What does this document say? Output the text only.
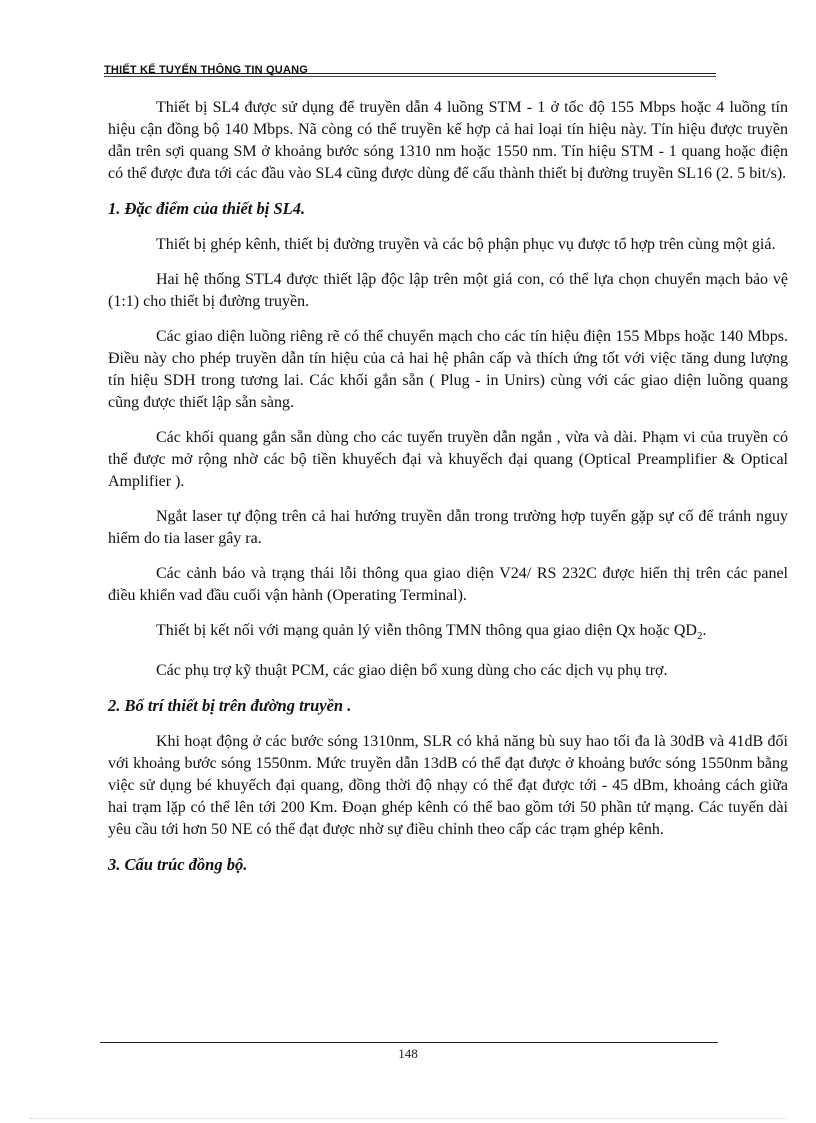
THIẾT KẾ TUYẾN THÔNG TIN QUANG

Thiết bị SL4 được sử dụng để truyền dẫn 4 luồng STM - 1 ở tốc độ 155 Mbps hoặc 4 luồng tín hiệu cận đồng bộ 140 Mbps. Nã còng có thể truyền kế hợp cả hai loại tín hiệu này. Tín hiệu được truyền dẫn trên sợi quang SM ở khoảng bước sóng 1310 nm hoặc 1550 nm. Tín hiệu STM - 1 quang hoặc điện có thể được đưa tới các đầu vào SL4 cũng được dùng để cấu thành thiết bị đường truyền SL16 (2. 5 bit/s).

1. Đặc điểm của thiết bị SL4.

Thiết bị ghép kênh, thiết bị đường truyền và các bộ phận phục vụ được tổ hợp trên cùng một giá.

Hai hệ thống STL4 được thiết lập độc lập trên một giá con, có thể lựa chọn chuyển mạch bảo vệ (1:1) cho thiết bị đường truyền.

Các giao diện luồng riêng rẽ có thể chuyển mạch cho các tín hiệu điện 155 Mbps hoặc 140 Mbps. Điều này cho phép truyền dẫn tín hiệu của cả hai hệ phân cấp và thích ứng tốt với việc tăng dung lượng tín hiệu SDH trong tương lai. Các khối gắn sẵn ( Plug - in Unirs) cùng với các giao diện luồng quang cũng được thiết lập sẵn sàng.

Các khối quang gắn sẵn dùng cho các tuyến truyền dẫn ngắn , vừa và dài. Phạm vi của truyền có thể được mở rộng nhờ các bộ tiền khuyếch đại và khuyếch đại quang (Optical Preamplifier & Optical Amplifier ).

Ngắt laser tự động trên cả hai hướng truyền dẫn trong trường hợp tuyến gặp sự cố để tránh nguy hiểm do tia laser gây ra.

Các cảnh báo và trạng thái lỗi thông qua giao diện V24/ RS 232C được hiển thị trên các panel điều khiển vad đầu cuối vận hành (Operating Terminal).

Thiết bị kết nối với mạng quản lý viễn thông TMN thông qua giao diện Qx hoặc $QD_2$.

Các phụ trợ kỹ thuật PCM, các giao diện bổ xung dùng cho các dịch vụ phụ trợ.

2. Bố trí thiết bị trên đường truyền .

Khi hoạt động ở các bước sóng 1310nm, SLR có khả năng bù suy hao tối đa là 30dB và 41dB đối với khoảng bước sóng 1550nm. Mức truyền dẫn 13dB có thể đạt được ở khoảng bước sóng 1550nm bằng việc sử dụng bé khuyếch đại quang, đồng thời độ nhạy có thể đạt được tới - 45 dBm, khoảng cách giữa hai trạm lặp có thể lên tới 200 Km. Đoạn ghép kênh có thể bao gồm tới 50 phần tử mạng. Các tuyến dài yêu cầu tới hơn 50 NE có thể đạt được nhờ sự điều chỉnh theo cấp các trạm ghép kênh.

3. Cấu trúc đồng bộ.
148
